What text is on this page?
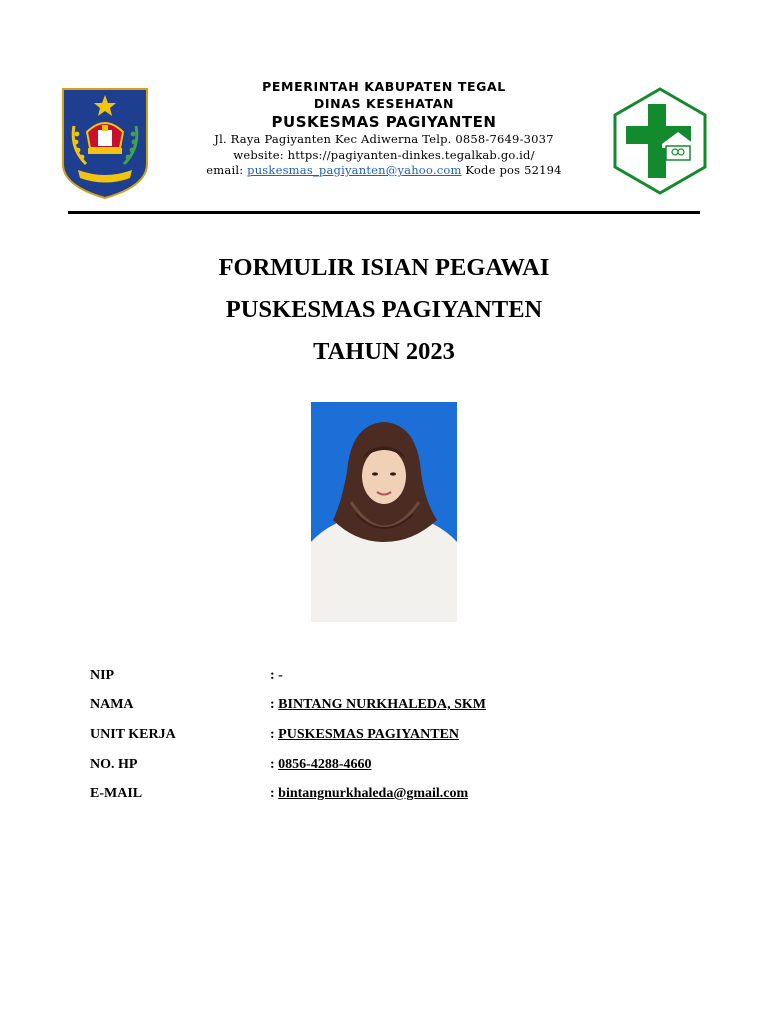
PEMERINTAH KABUPATEN TEGAL
DINAS KESEHATAN
PUSKESMAS PAGIYANTEN
Jl. Raya Pagiyanten Kec Adiwerna Telp. 0858-7649-3037
website: https://pagiyanten-dinkes.tegalkab.go.id/
email: puskesmas_pagiyanten@yahoo.com Kode pos 52194
FORMULIR ISIAN PEGAWAI
PUSKESMAS PAGIYANTEN
TAHUN 2023
NIP	: -
NAMA	: BINTANG NURKHALEDA, SKM
UNIT KERJA	: PUSKESMAS PAGIYANTEN
NO. HP	: 0856-4288-4660
E-MAIL	: bintangnurkhaleda@gmail.com
